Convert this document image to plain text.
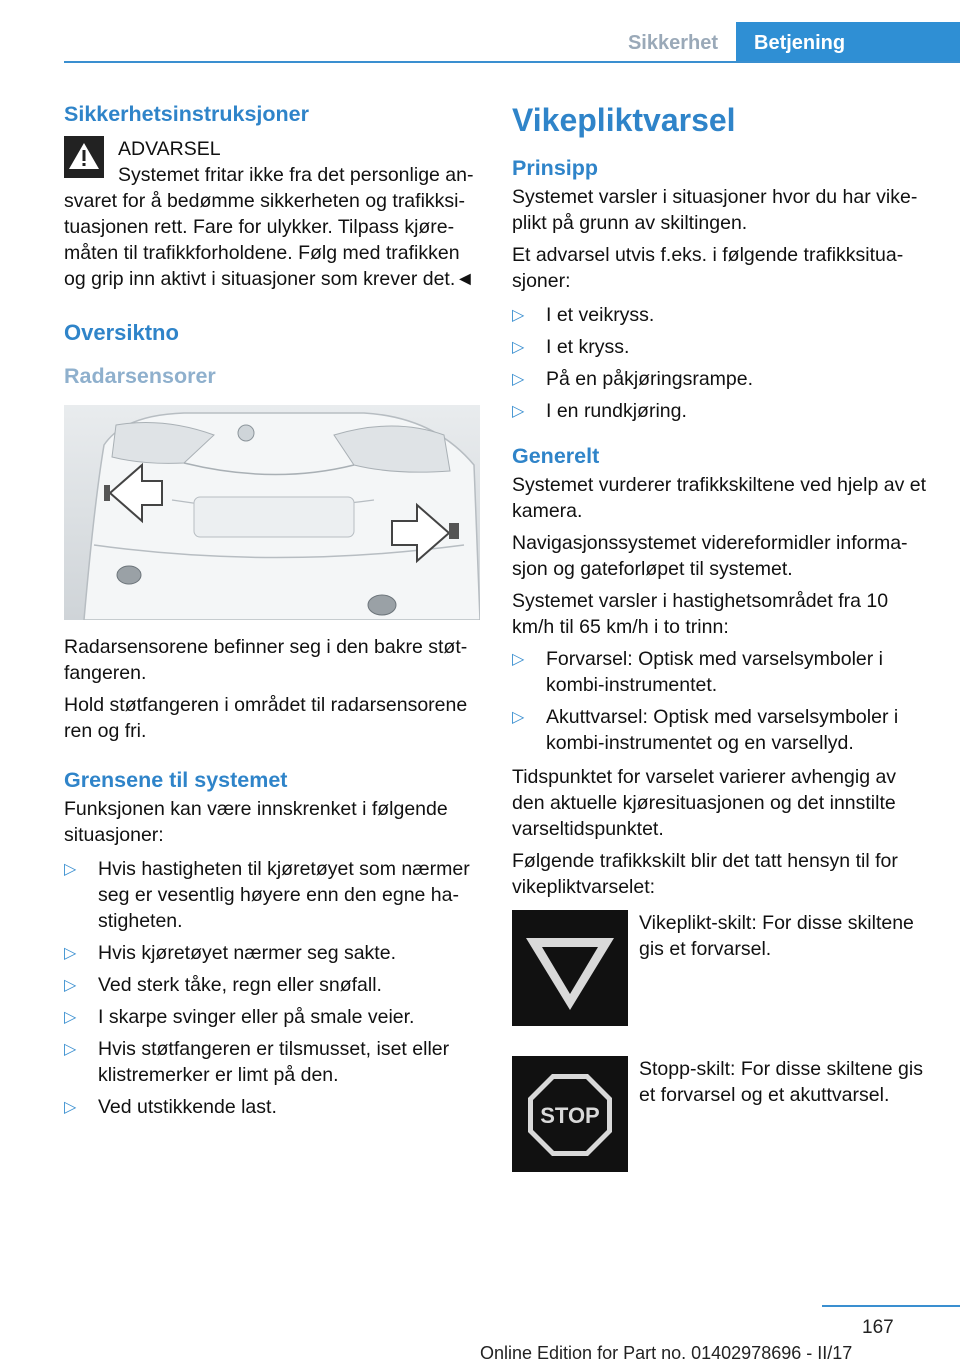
Sikkerhet	Betjening
Sikkerhetsinstruksjoner
ADVARSEL
Systemet fritar ikke fra det personlige an-
svaret for å bedømme sikkerheten og trafikksi- tuasjonen rett. Fare for ulykker. Tilpass kjøre- måten til trafikkforholdene. Følg med trafikken og grip inn aktivt i situasjoner som krever det.◄
Oversiktno
Radarsensorer
Radarsensorene befinner seg i den bakre støt- fangeren.
Hold støtfangeren i området til radarsensorene ren og fri.
Grensene til systemet
Funksjonen kan være innskrenket i følgende situasjoner:
▷ Hvis hastigheten til kjøretøyet som nærmer seg er vesentlig høyere enn den egne ha- stigheten.
▷ Hvis kjøretøyet nærmer seg sakte.
▷ Ved sterk tåke, regn eller snøfall.
▷ I skarpe svinger eller på smale veier.
▷ Hvis støtfangeren er tilsmusset, iset eller klistremerker er limt på den.
▷ Ved utstikkende last.
Vikepliktvarsel
Prinsipp
Systemet varsler i situasjoner hvor du har vike- plikt på grunn av skiltingen.
Et advarsel utvis f.eks. i følgende trafikksitua- sjoner:
▷ I et veikryss.
▷ I et kryss.
▷ På en påkjøringsrampe.
▷ I en rundkjøring.
Generelt
Systemet vurderer trafikkskiltene ved hjelp av et kamera.
Navigasjonssystemet videreformidler informa- sjon og gateforløpet til systemet.
Systemet varsler i hastighetsområdet fra 10 km/h til 65 km/h i to trinn:
▷ Forvarsel: Optisk med varselsymboler i kombi-instrumentet.
▷ Akuttvarsel: Optisk med varselsymboler i kombi-instrumentet og en varsellyd.
Tidspunktet for varselet varierer avhengig av den aktuelle kjøresituasjonen og det innstilte varseltidspunktet.
Følgende trafikkskilt blir det tatt hensyn til for vikepliktvarselet:
Vikeplikt-skilt: For disse skiltene gis et forvarsel.
STOP
Stopp-skilt: For disse skiltene gis et forvarsel og et akuttvarsel.
167
Online Edition for Part no. 01402978696 - II/17
